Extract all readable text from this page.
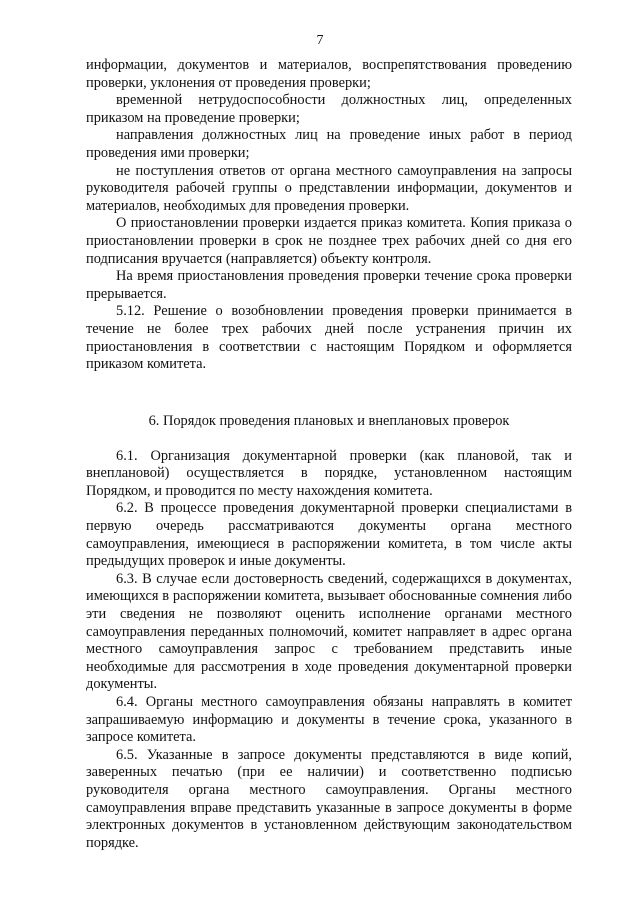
7

информации, документов и материалов, воспрепятствования проведению проверки, уклонения от проведения проверки;

временной нетрудоспособности должностных лиц, определенных приказом на проведение проверки;

направления должностных лиц на проведение иных работ в период проведения ими проверки;

не поступления ответов от органа местного самоуправления на запросы руководителя рабочей группы о представлении информации, документов и материалов, необходимых для проведения проверки.

О приостановлении проверки издается приказ комитета. Копия приказа о приостановлении проверки в срок не позднее трех рабочих дней со дня его подписания вручается (направляется) объекту контроля.

На время приостановления проведения проверки течение срока проверки прерывается.

5.12. Решение о возобновлении проведения проверки принимается в течение не более трех рабочих дней после устранения причин их приостановления в соответствии с настоящим Порядком и оформляется приказом комитета.

6. Порядок проведения плановых и внеплановых проверок

6.1. Организация документарной проверки (как плановой, так и внеплановой) осуществляется в порядке, установленном настоящим Порядком, и проводится по месту нахождения комитета.

6.2. В процессе проведения документарной проверки специалистами в первую очередь рассматриваются документы органа местного самоуправления, имеющиеся в распоряжении комитета, в том числе акты предыдущих проверок и иные документы.

6.3. В случае если достоверность сведений, содержащихся в документах, имеющихся в распоряжении комитета, вызывает обоснованные сомнения либо эти сведения не позволяют оценить исполнение органами местного самоуправления переданных полномочий, комитет направляет в адрес органа местного самоуправления запрос с требованием представить иные необходимые для рассмотрения в ходе проведения документарной проверки документы.

6.4. Органы местного самоуправления обязаны направлять в комитет запрашиваемую информацию и документы в течение срока, указанного в запросе комитета.

6.5. Указанные в запросе документы представляются в виде копий, заверенных печатью (при ее наличии) и соответственно подписью руководителя органа местного самоуправления. Органы местного самоуправления вправе представить указанные в запросе документы в форме электронных документов в установленном действующим законодательством порядке.
